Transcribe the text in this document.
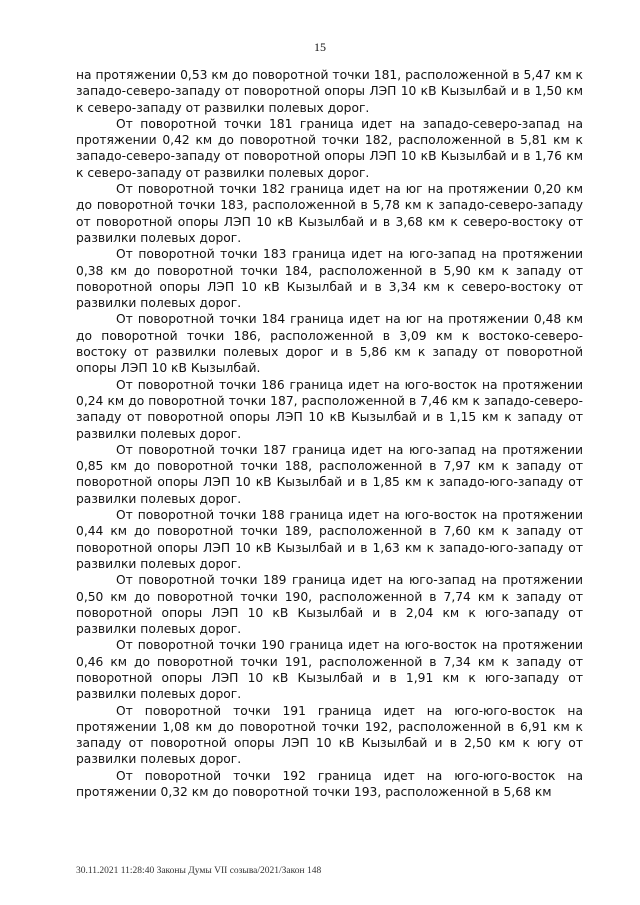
15

на протяжении 0,53 км до поворотной точки 181, расположенной в 5,47 км к западо-северо-западу от поворотной опоры ЛЭП 10 кВ Кызылбай и в 1,50 км к северо-западу от развилки полевых дорог.

От поворотной точки 181 граница идет на западо-северо-запад на протяжении 0,42 км до поворотной точки 182, расположенной в 5,81 км к западо-северо-западу от поворотной опоры ЛЭП 10 кВ Кызылбай и в 1,76 км к северо-западу от развилки полевых дорог.

От поворотной точки 182 граница идет на юг на протяжении 0,20 км до поворотной точки 183, расположенной в 5,78 км к западо-северо-западу от поворотной опоры ЛЭП 10 кВ Кызылбай и в 3,68 км к северо-востоку от развилки полевых дорог.

От поворотной точки 183 граница идет на юго-запад на протяжении 0,38 км до поворотной точки 184, расположенной в 5,90 км к западу от поворотной опоры ЛЭП 10 кВ Кызылбай и в 3,34 км к северо-востоку от развилки полевых дорог.

От поворотной точки 184 граница идет на юг на протяжении 0,48 км до поворотной точки 186, расположенной в 3,09 км к востоко-северо-востоку от развилки полевых дорог и в 5,86 км к западу от поворотной опоры ЛЭП 10 кВ Кызылбай.

От поворотной точки 186 граница идет на юго-восток на протяжении 0,24 км до поворотной точки 187, расположенной в 7,46 км к западо-северо-западу от поворотной опоры ЛЭП 10 кВ Кызылбай и в 1,15 км к западу от развилки полевых дорог.

От поворотной точки 187 граница идет на юго-запад на протяжении 0,85 км до поворотной точки 188, расположенной в 7,97 км к западу от поворотной опоры ЛЭП 10 кВ Кызылбай и в 1,85 км к западо-юго-западу от развилки полевых дорог.

От поворотной точки 188 граница идет на юго-восток на протяжении 0,44 км до поворотной точки 189, расположенной в 7,60 км к западу от поворотной опоры ЛЭП 10 кВ Кызылбай и в 1,63 км к западо-юго-западу от развилки полевых дорог.

От поворотной точки 189 граница идет на юго-запад на протяжении 0,50 км до поворотной точки 190, расположенной в 7,74 км к западу от поворотной опоры ЛЭП 10 кВ Кызылбай и в 2,04 км к юго-западу от развилки полевых дорог.

От поворотной точки 190 граница идет на юго-восток на протяжении 0,46 км до поворотной точки 191, расположенной в 7,34 км к западу от поворотной опоры ЛЭП 10 кВ Кызылбай и в 1,91 км к юго-западу от развилки полевых дорог.

От поворотной точки 191 граница идет на юго-юго-восток на протяжении 1,08 км до поворотной точки 192, расположенной в 6,91 км к западу от поворотной опоры ЛЭП 10 кВ Кызылбай и в 2,50 км к югу от развилки полевых дорог.

От поворотной точки 192 граница идет на юго-юго-восток на протяжении 0,32 км до поворотной точки 193, расположенной в 5,68 км

30.11.2021 11:28:40 Законы Думы VII созыва/2021/Закон 148
